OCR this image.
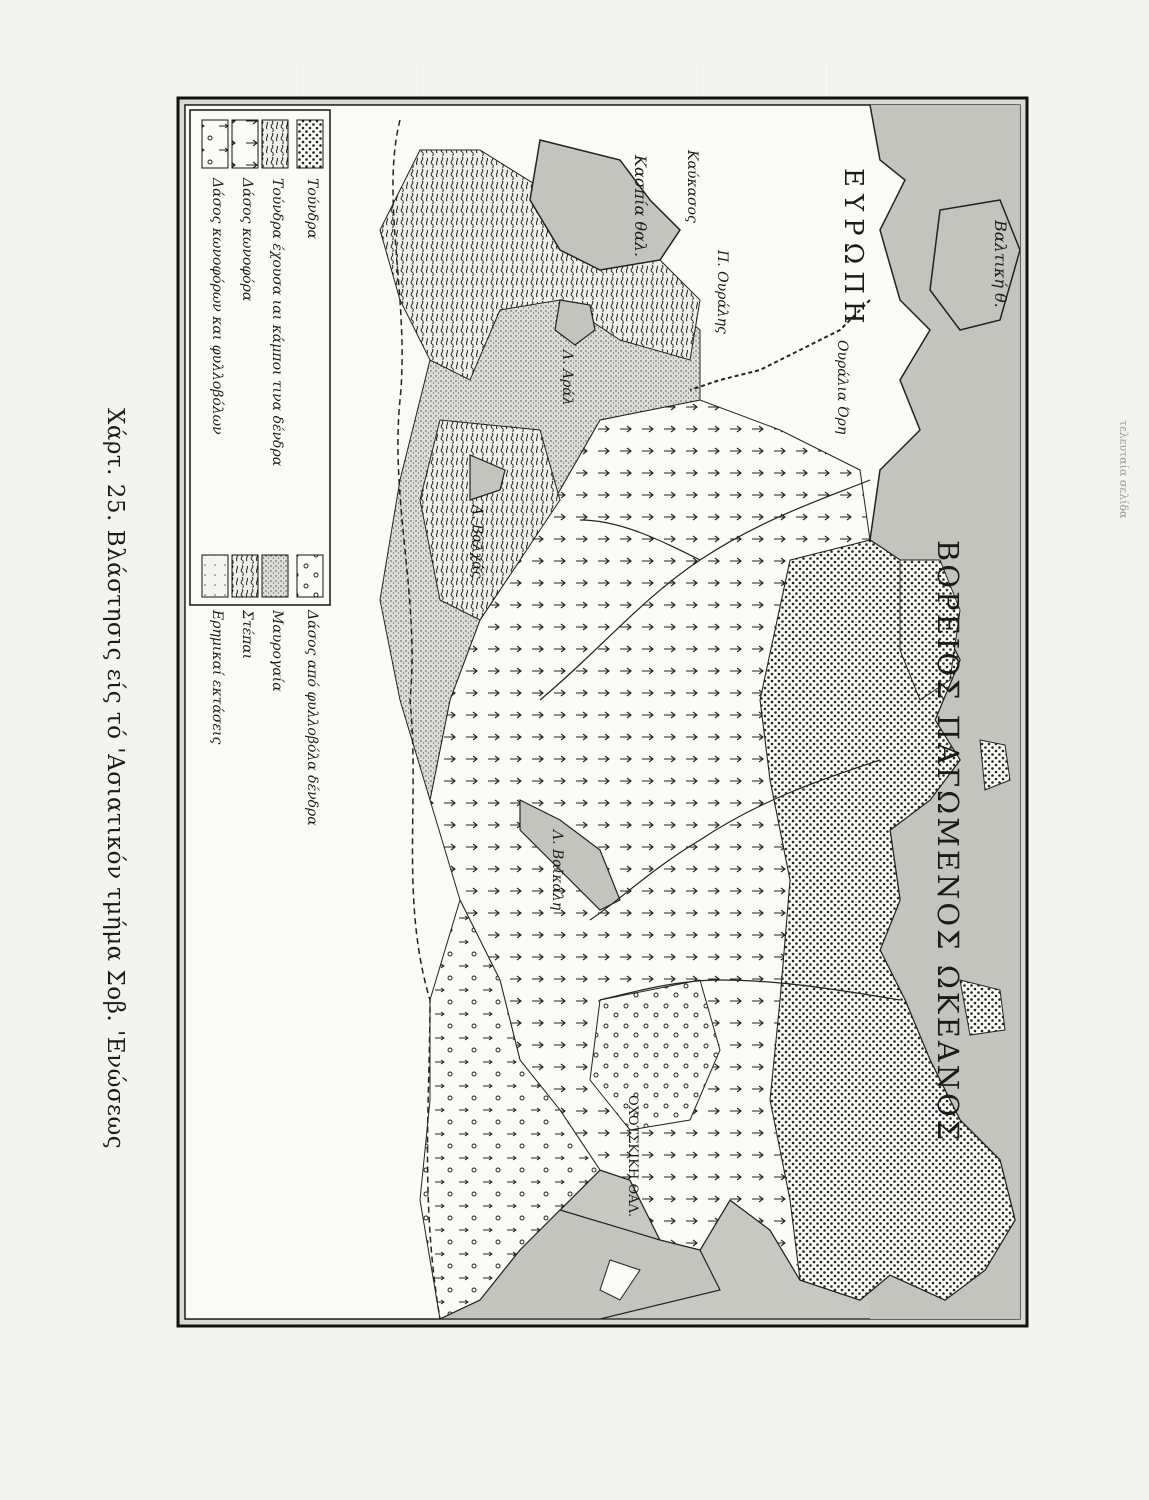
Χάρτ. 25. Βλάστησις είς τό 'Ασιατικόν τμήμα Σοβ. 'Ενώσεως	ΒΟΡΕΙΟΣ ΠΑΓΩΜΕΝΟΣ ΩΚΕΑΝΟΣ
ΕΥΡΩΠΗ
Κασπία θαλ.
Βαλτική θ.
Καύκασος
Π. Ουράλης
Ουράλια Όρη
Λ. Αράλ
Λ. Βαλχάς
Λ. Βαϊκάλη
ΟΧΟΤΣΚΙΚΗ ΘΑΛ.
Τούνδρα
Τούνδρα έχουσα ιαι κάμποι τινα δένδρα
Δάσος κωνοφόρα
Δάσος κωνοφόρων και φυλλοβόλων
Δάσος από φυλλοβόλα δένδρα
Μαυρογαία
Στέπαι
Ερημικαί εκτάσεις
τελευταία σελίδα
